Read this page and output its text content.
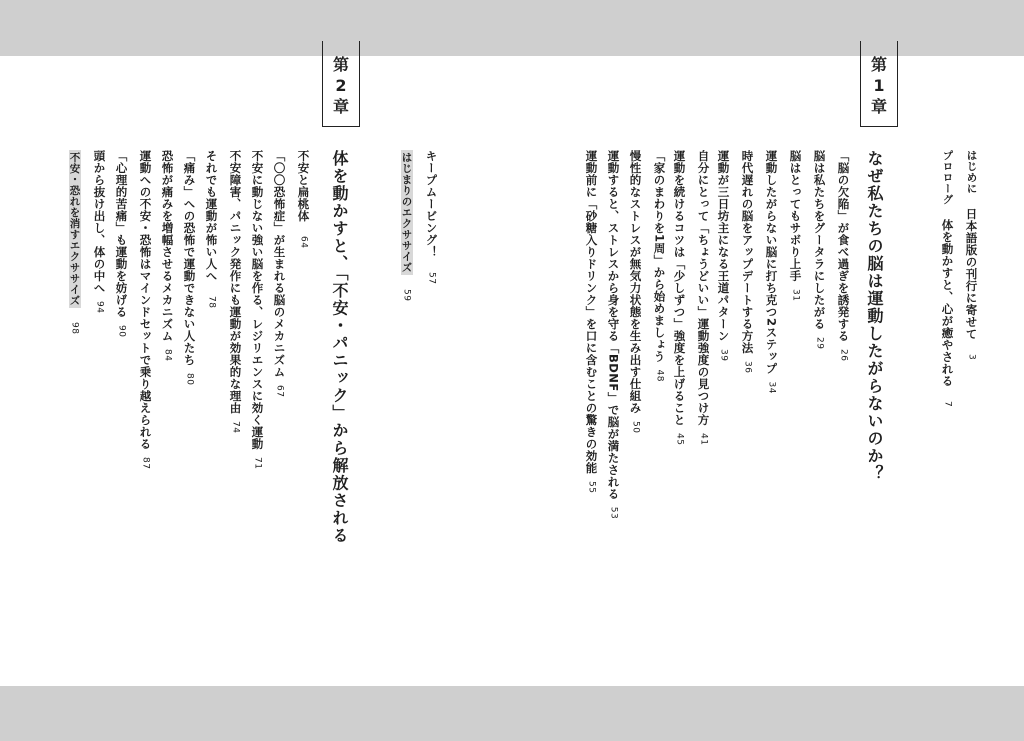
はじめに日本語版の刊行に寄せて3
プロローグ体を動かすと、心が癒やされる7
第
1
章
なぜ私たちの脳は運動したがらないのか？
「脳の欠陥」が食べ過ぎを誘発する26
脳は私たちをグータラにしたがる29
脳はとってもサボり上手31
運動したがらない脳に打ち克つ2ステップ34
時代遅れの脳をアップデートする方法36
運動が三日坊主になる王道パターン39
自分にとって「ちょうどいい」運動強度の見つけ方41
運動を続けるコツは「少しずつ」強度を上げること45
「家のまわりを1周」から始めましょう48
慢性的なストレスが無気力状態を生み出す仕組み50
運動すると、ストレスから身を守る「BDNF」で脳が満たされる53
運動前に「砂糖入りドリンク」を口に含むことの驚きの効能55
キープムービング！57
はじまりのエクササイズ59
第
2
章
体を動かすと、「不安・パニック」から解放される
不安と扁桃体64
「〇〇恐怖症」が生まれる脳のメカニズム67
不安に動じない強い脳を作る、レジリエンスに効く運動71
不安障害、パニック発作にも運動が効果的な理由74
それでも運動が怖い人へ78
「痛み」への恐怖で運動できない人たち80
恐怖が痛みを増幅させるメカニズム84
運動への不安・恐怖はマインドセットで乗り越えられる87
「心理的苦痛」も運動を妨げる90
頭から抜け出し、体の中へ94
不安・恐れを消すエクササイズ98
